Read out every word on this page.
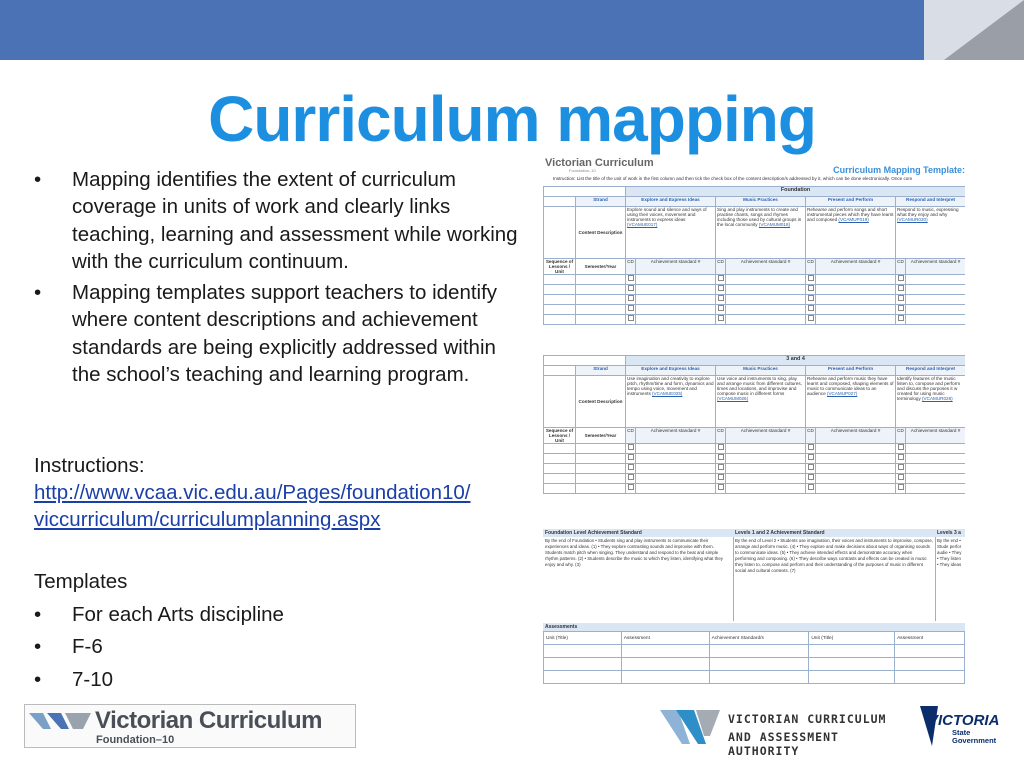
Curriculum mapping
•	Mapping identifies the extent of curriculum coverage in units of work and clearly links teaching, learning and assessment while working with the curriculum continuum.
•	Mapping templates support teachers to identify where content descriptions and achievement standards are being explicitly addressed within the school’s teaching and learning program.
Instructions:
http://www.vcaa.vic.edu.au/Pages/foundation10/
viccurriculum/curriculumplanning.aspx
Templates
•	For each Arts discipline
•	F-6
•	7-10
Victorian Curriculum
Foundation–10	Curriculum Mapping Template:
Instruction: List the title of the unit of work in the first column and then tick the check box of the content description/s addressed by it, which can be done electronically. Once com
		Foundation							
	Strand	Explore and Express Ideas		Music Practices		Present and Perform		Respond and Interpret	
	Content Description	Explore sound and silence and ways of using their voices, movement and instruments to express ideas (VCAMUE017)		Sing and play instruments to create and practise chants, songs and rhymes including those used by cultural groups in the local community (VCAMUM018)		Rehearse and perform songs and short instrumental pieces which they have learnt and composed (VCAMUP019)		Respond to music, expressing what they enjoy and why (VCAMUR020)	
Sequence of Lessons / Unit	Semester/Year	CD	Achievement standard #	CD	Achievement standard #	CD	Achievement standard #	CD	Achievement standard #

		3 and 4							
	Strand	Explore and Express Ideas		Music Practices		Present and Perform		Respond and Interpret	
	Content Description	Use imagination and creativity to explore pitch, rhythm/time and form, dynamics and tempo using voice, movement and instruments (VCAMUE025)		Use voice and instruments to sing, play and arrange music from different cultures, times and locations, and improvise and compose music in different forms (VCAMUM026)		Rehearse and perform music they have learnt and composed, shaping elements of music to communicate ideas to an audience (VCAMUP027)		Identify features of the music listen to, compose and perform and discuss the purposes it w created for using music terminology (VCAMUR028)	
Sequence of Lessons / Unit	Semester/Year	CD	Achievement standard #	CD	Achievement standard #	CD	Achievement standard #	CD	Achievement standard #

Foundation Level Achievement Standard
By the end of Foundation • Students sing and play instruments to communicate their experiences and ideas. (1) • They explore contrasting sounds and improvise with them. Students match pitch when singing. They understand and respond to the beat and simple rhythm patterns. (2) • Students describe the music to which they listen, identifying what they enjoy and why. (3)
Levels 1 and 2 Achievement Standard
By the end of Level 2 • Students use imagination, their voices and instruments to improvise, compose, arrange and perform music. (4) • They explore and make decisions about ways of organising sounds to communicate ideas. (5) • They achieve intended effects and demonstrate accuracy when performing and composing. (6) • They describe ways contrasts and effects can be created in music they listen to, compose and perform and their understanding of the purposes of music in different social and cultural contexts. (7)
Levels 3 a
By the end • Stude perfor audie • They • They listen • They ideas
Assessments
Unit (Title)	Assessment	Achievement Standard/s	Unit (Title)	Assessment

Victorian Curriculum
Foundation–10
VICTORIAN CURRICULUM
AND ASSESSMENT AUTHORITY
VICTORIA
State
Government
